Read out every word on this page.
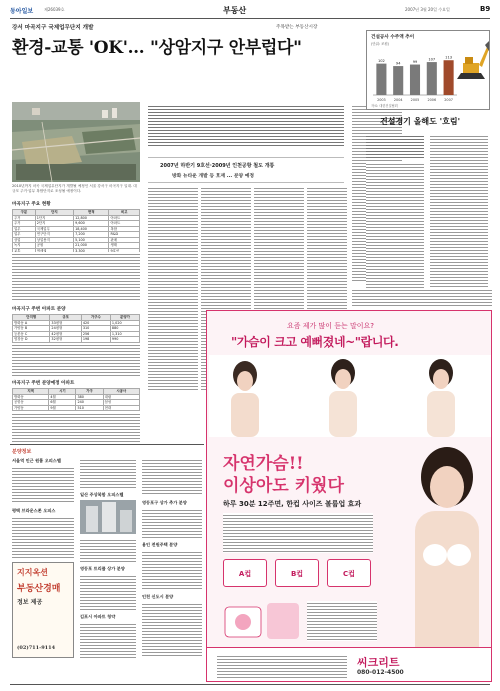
동아일보	제26039호	부동산	2007년 3월 20일 수요일	B9
강서 마곡지구 국제업무단지 개발	주목받는 부동산시장
환경-교통 'OK'… "상암지구 안부럽다"
2010년까지 마곡 국제업무단지가 개발될 예정인 서울 강서구 마곡지구 일대. 대규모 주거·업무 복합단지로 조성될 예정이다.
2007년 하반기 9호선·2009년 인천공항 철도 개통
방화 뉴타운 개발 등 호재 ... 분양 예정
마곡지구 주요 현황
구분	단지	면적	비고
주거	1단지	12,800	아파트
주거	2단지	9,600	아파트
업무	국제업무	18,400	복합
업무	연구단지	7,200	R&D
상업	상업용지	5,100	판매
녹지	공원	21,000	생태
교통	역세권	3,300	9호선

마곡지구 주변 아파트 분양
단지명	규모	가구수	분양가
방화동 A	33평형	420	1,020
가양동 B	24평형	310	880
등촌동 C	42평형	256	1,310
염창동 D	32평형	198	990

마곡지구 주변 분양예정 아파트
지역	시기	가구	시공사
방화동	4월	380	대림
공항동	6월	240	삼성
가양동	9월	510	현대
건설공사 수주액 추이
(단위: 조원)
102
2003
94
2004
99
2005
107
2006
113
2007
자료: 대한건설협회
건설경기 올해도 '흐림'
요즘 제가 많이 듣는 말이요?
"가슴이 크고 예뻐졌네~"랍니다.
자연가슴!!
이상아도 키웠다
하루 30분 12주면, 한컵 사이즈 볼륨업 효과
A컵	B컵	C컵
씨크리트
080-012-4500
분양정보
서울역 인근 원룸 오피스텔
평택 브라운스톤 오피스
지지옥션
부동산경매
정보 제공
(02)711-9114
일산 주상복합 오피스텔
영등포 트리플 상가 분양
김포시 아파트 청약
영등포구 상가 추가 분양
용인 전원주택 분양
인천 신도시 분양
